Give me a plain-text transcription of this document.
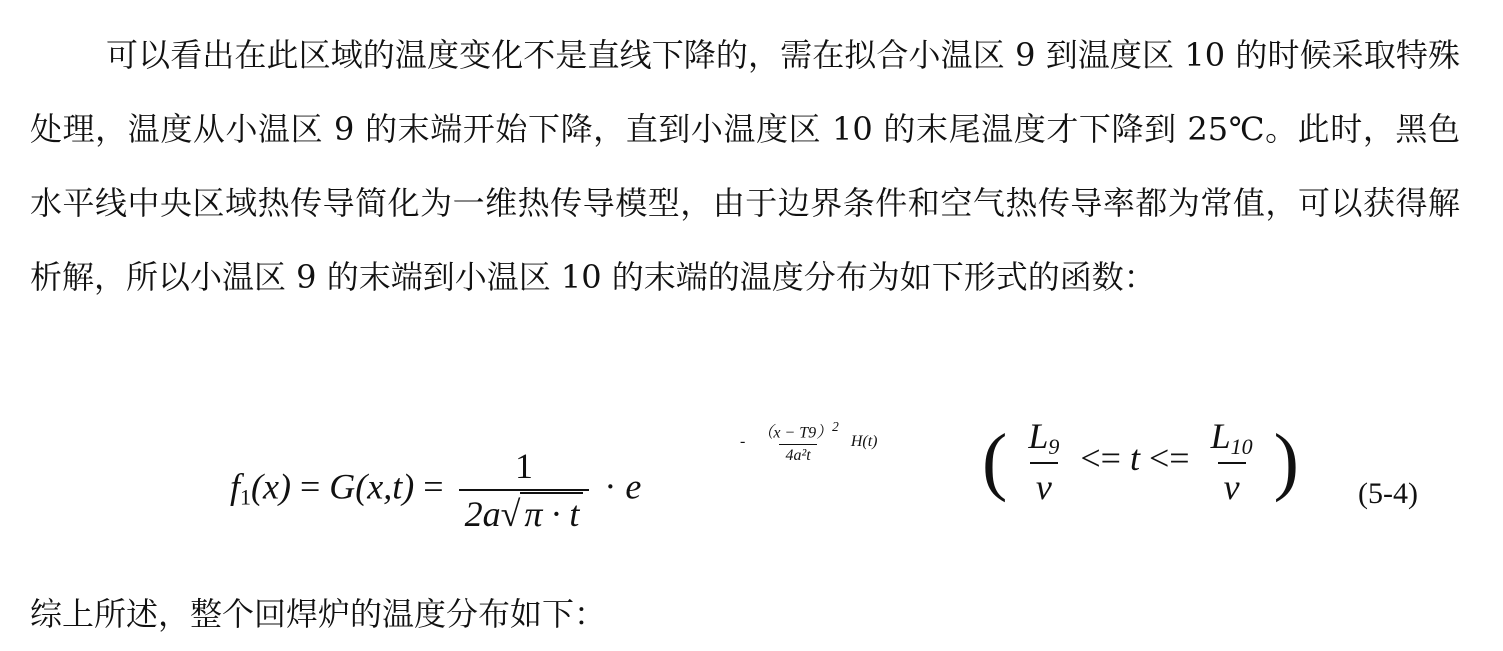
可以看出在此区域的温度变化不是直线下降的，需在拟合小温区 9 到温度区 10 的时候采取特殊处理，温度从小温区 9 的末端开始下降，直到小温度区 10 的末尾温度才下降到 25℃。此时，黑色水平线中央区域热传导简化为一维热传导模型，由于边界条件和空气热传导率都为常值，可以获得解析解，所以小温区 9 的末端到小温区 10 的末端的温度分布为如下形式的函数：
$f_1(x) = G(x,t) = \frac{1}{2a√ \pi \cdot t} \cdot e$
- $\frac{(x - T9)^2}{\text{4a²t}} H(t)$ ( $\frac{L_9}{v} <= t <= \frac{L_{10}}{v}$ ) (5-4)
综上所述，整个回焊炉的温度分布如下：
